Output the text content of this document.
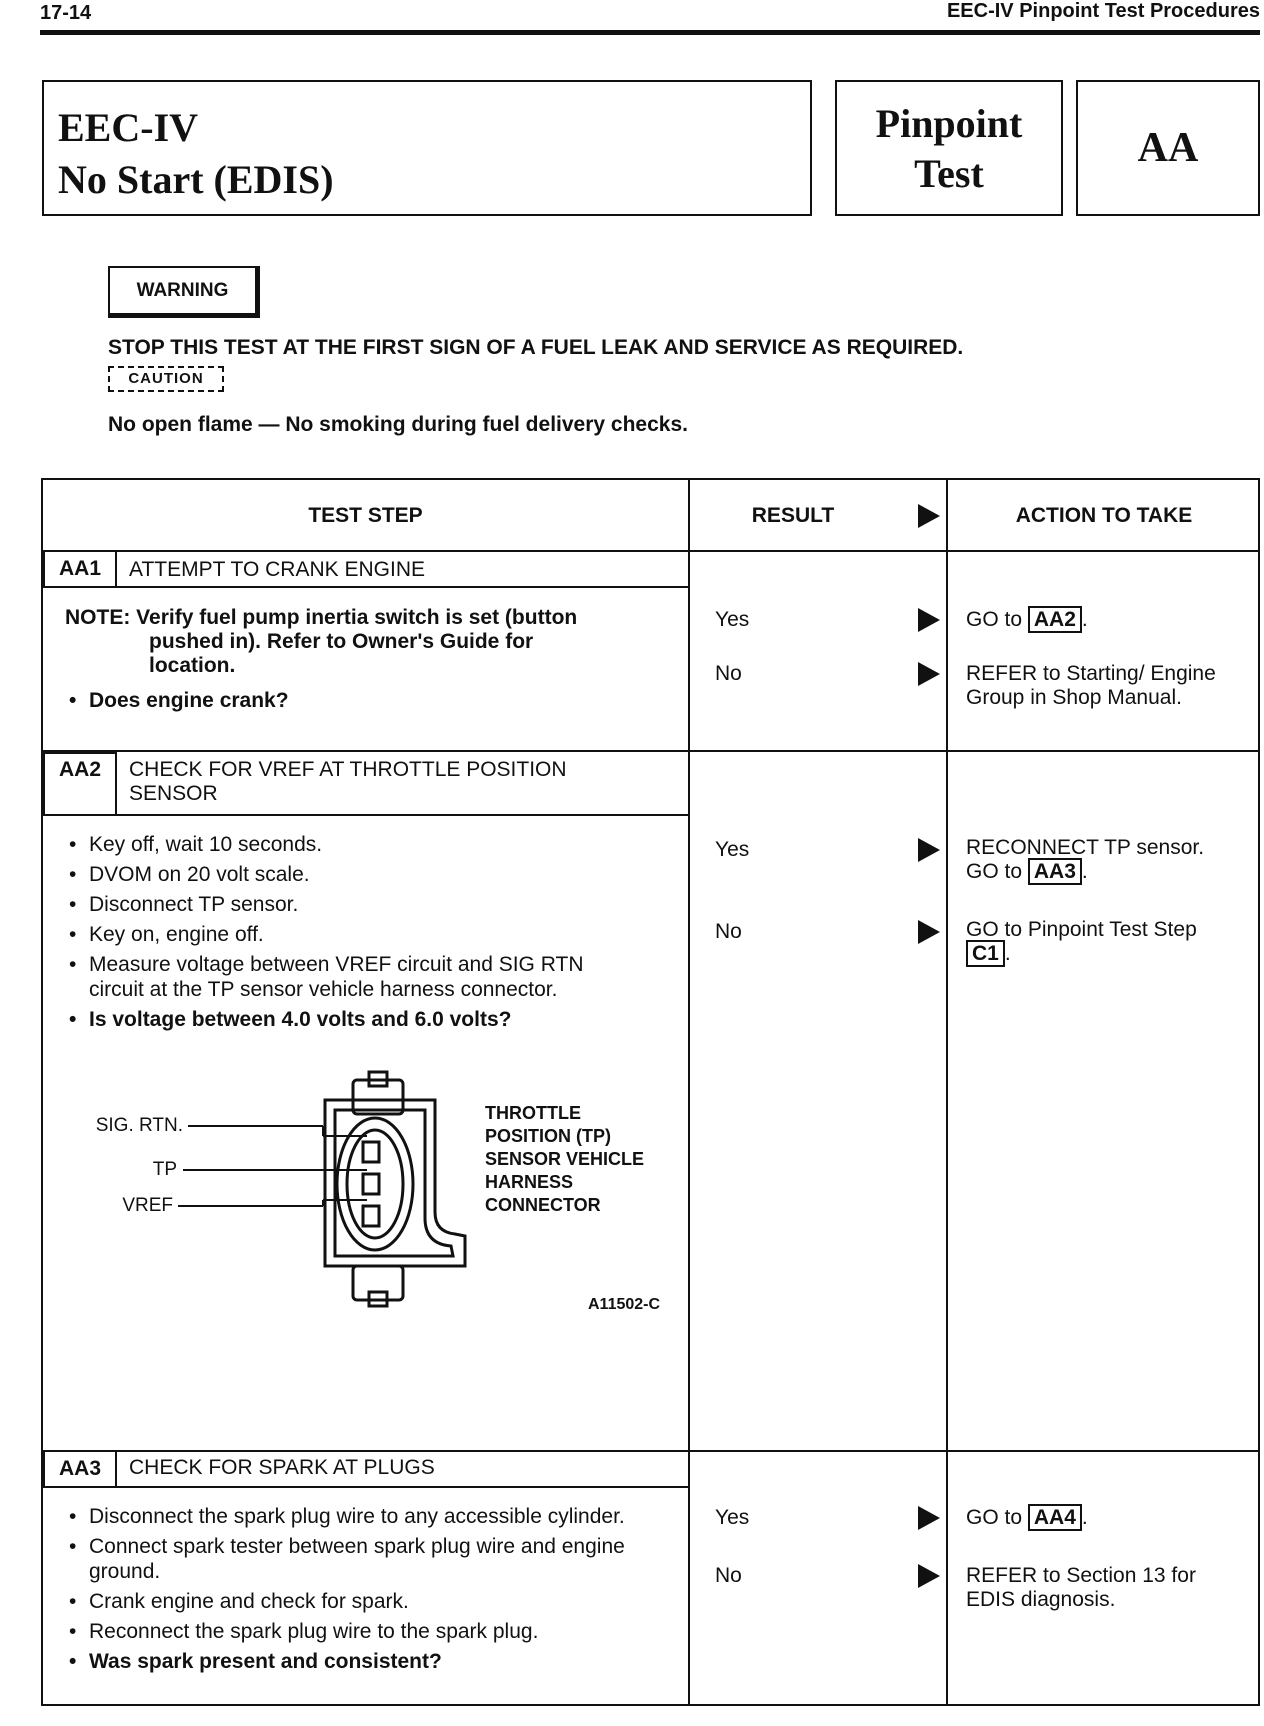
17-14	EEC-IV Pinpoint Test Procedures
EEC-IV
No Start (EDIS)
Pinpoint
Test
AA
WARNING
STOP THIS TEST AT THE FIRST SIGN OF A FUEL LEAK AND SERVICE AS REQUIRED.
CAUTION
No open flame — No smoking during fuel delivery checks.
TEST STEP	RESULT	ACTION TO TAKE
AA1	ATTEMPT TO CRANK ENGINE
NOTE: Verify fuel pump inertia switch is set (button pushed in). Refer to Owner's Guide for location.
• Does engine crank?
Yes	GO to AA2 .
No	REFER to Starting/ Engine Group in Shop Manual.
AA2	CHECK FOR VREF AT THROTTLE POSITION SENSOR
• Key off, wait 10 seconds.
• DVOM on 20 volt scale.
• Disconnect TP sensor.
• Key on, engine off.
• Measure voltage between VREF circuit and SIG RTN circuit at the TP sensor vehicle harness connector.
• Is voltage between 4.0 volts and 6.0 volts?
SIG. RTN.
TP
VREF
THROTTLE
POSITION (TP)
SENSOR VEHICLE
HARNESS
CONNECTOR
A11502-C
Yes	RECONNECT TP sensor. GO to AA3 .
No	GO to Pinpoint Test Step C1 .
AA3	CHECK FOR SPARK AT PLUGS
• Disconnect the spark plug wire to any accessible cylinder.
• Connect spark tester between spark plug wire and engine ground.
• Crank engine and check for spark.
• Reconnect the spark plug wire to the spark plug.
• Was spark present and consistent?
Yes	GO to AA4 .
No	REFER to Section 13 for EDIS diagnosis.
